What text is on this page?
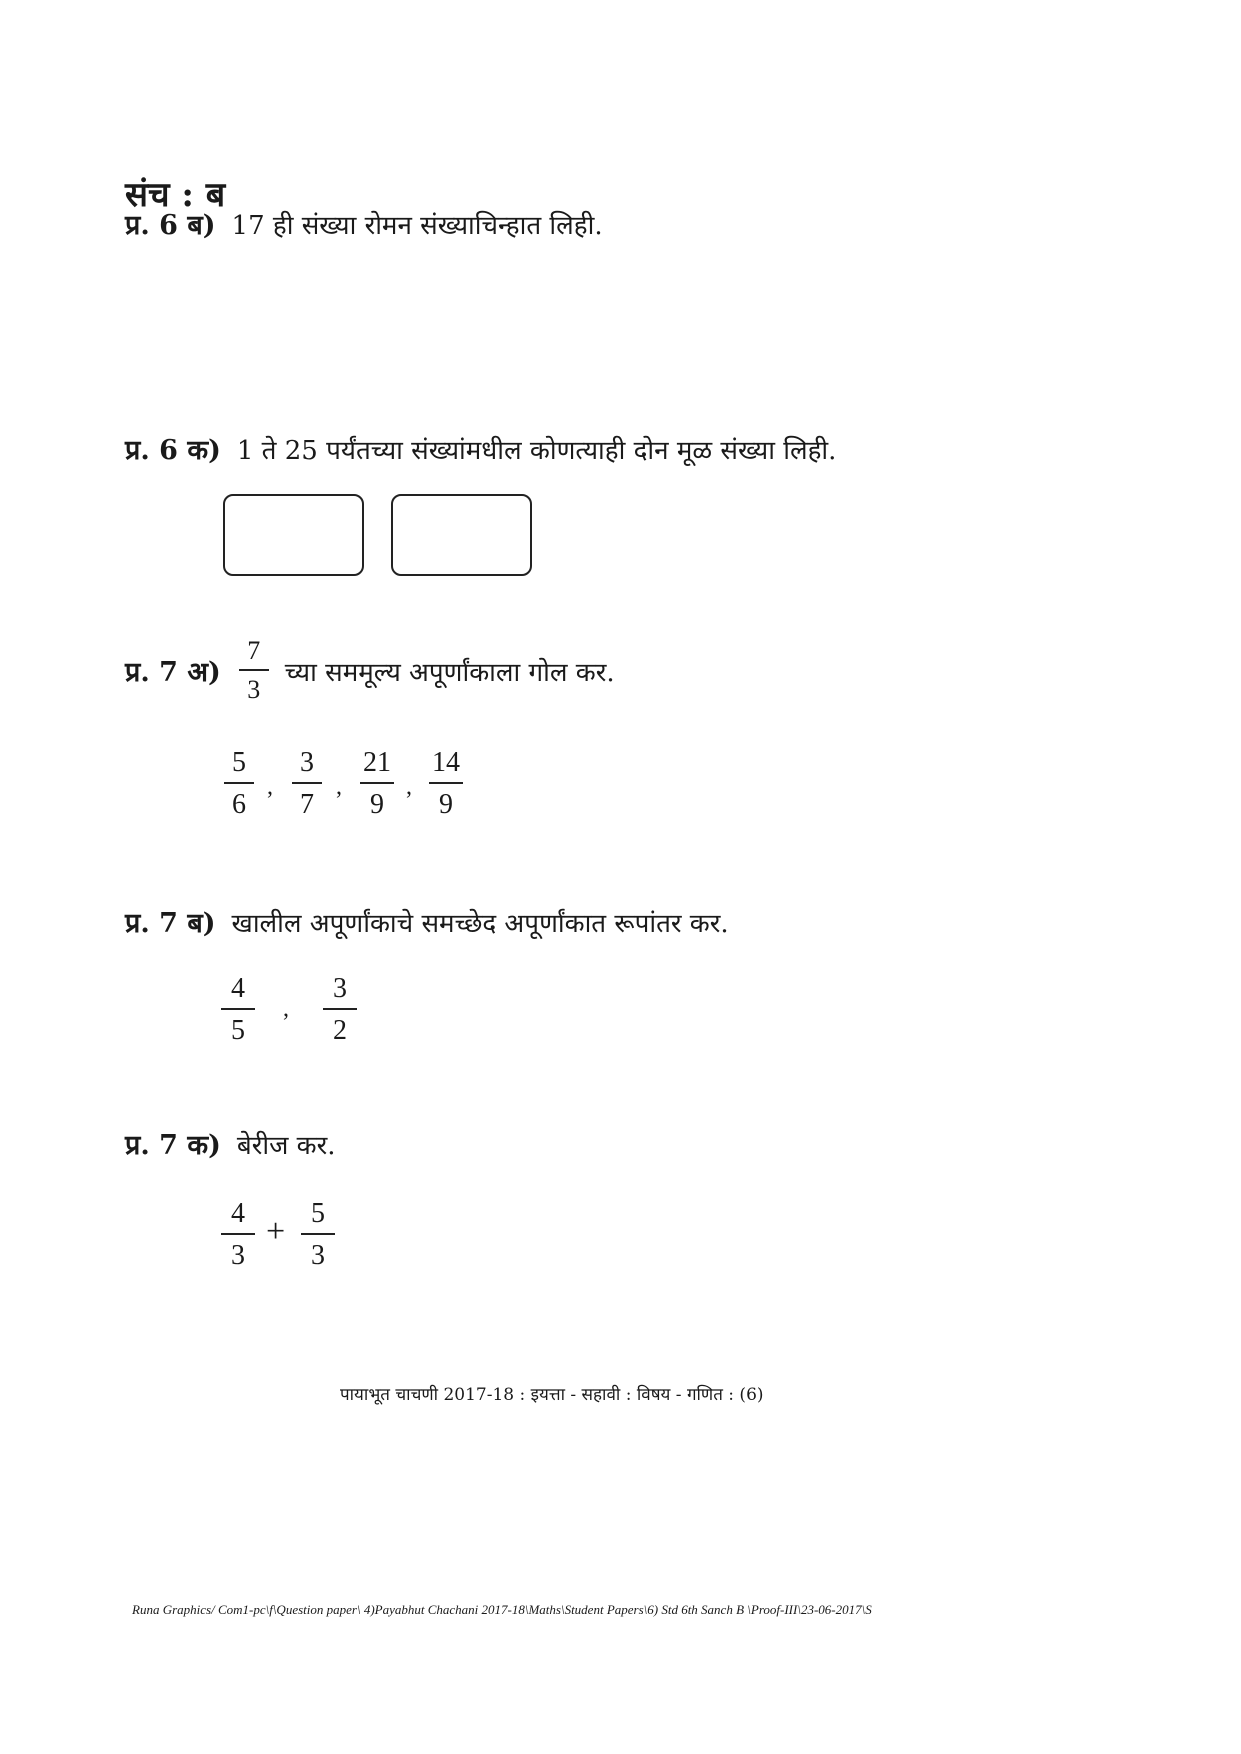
संच : ब
प्र. 6 ब) 17 ही संख्या रोमन संख्याचिन्हात लिही.
प्र. 6 क) 1 ते 25 पर्यंतच्या संख्यांमधील कोणत्याही दोन मूळ संख्या लिही.
प्र. 7 अ) $\frac{7}{3}$ च्या सममूल्य अपूर्णांकाला गोल कर.
5
6
,
3
7
,
21
9
,
14
9
प्र. 7 ब) खालील अपूर्णांकाचे समच्छेद अपूर्णांकात रूपांतर कर.
4
5
,
3
2
प्र. 7 क) बेरीज कर.
4
3
+ 5
3
पायाभूत चाचणी 2017-18 : इयत्ता - सहावी : विषय - गणित : (6)
Runa Graphics/ Com1-pc\f\Question paper\ 4)Payabhut Chachani 2017-18\Maths\Student Papers\6) Std 6th Sanch B \Proof-III\23-06-2017\S
